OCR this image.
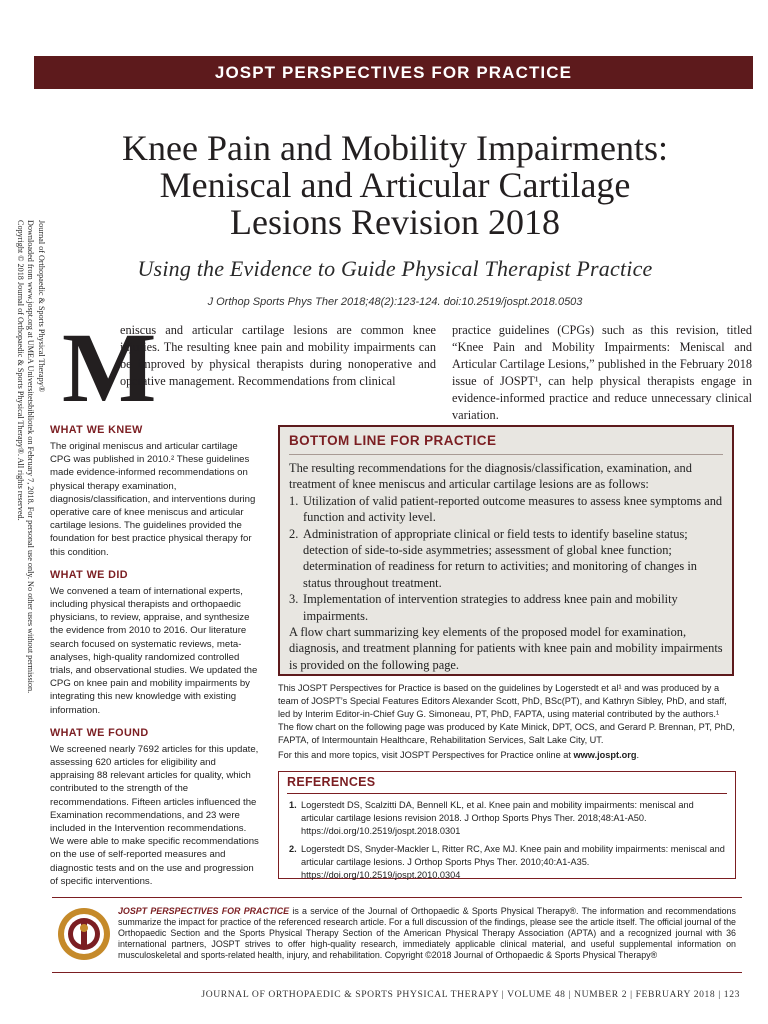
JOSPT PERSPECTIVES FOR PRACTICE
Knee Pain and Mobility Impairments:
Meniscal and Articular Cartilage
Lesions Revision 2018
Using the Evidence to Guide Physical Therapist Practice
J Orthop Sports Phys Ther 2018;48(2):123-124. doi:10.2519/jospt.2018.0503
Journal of Orthopaedic & Sports Physical Therapy®
Downloaded from www.jospt.org at UMEA Universitetsbibliotek on February 7, 2018. For personal use only. No other uses without permission.
Copyright © 2018 Journal of Orthopaedic & Sports Physical Therapy®. All rights reserved. M
eniscus and articular cartilage lesions are common knee injuries. The resulting knee pain and mobility impairments can be improved by physical therapists during nonoperative and operative management. Recommendations from clinical
practice guidelines (CPGs) such as this revision, titled “Knee Pain and Mobility Impairments: Meniscal and Articular Cartilage Lesions,” published in the February 2018 issue of JOSPT¹, can help physical therapists engage in evidence-informed practice and reduce unnecessary clinical variation.
WHAT WE KNEW

The original meniscus and articular cartilage CPG was published in 2010.² These guidelines made evidence-informed recommendations on physical therapy examination, diagnosis/classification, and interventions during operative care of knee meniscus and articular cartilage lesions. The guidelines provided the foundation for best practice physical therapy for this condition.

WHAT WE DID

We convened a team of international experts, including physical therapists and orthopaedic physicians, to review, appraise, and synthesize the evidence from 2010 to 2016. Our literature search focused on systematic reviews, meta-analyses, high-quality randomized controlled trials, and observational studies. We updated the CPG on knee pain and mobility impairments by integrating this new knowledge with existing information.

WHAT WE FOUND

We screened nearly 7692 articles for this update, assessing 620 articles for eligibility and appraising 88 relevant articles for quality, which contributed to the strength of the recommendations. Fifteen articles influenced the Examination recommendations, and 23 were included in the Intervention recommendations. We were able to make specific recommendations on the use of self-reported measures and diagnostic tests and on the use and progression of specific interventions.

BOTTOM LINE FOR PRACTICE
The resulting recommendations for the diagnosis/classification, examination, and treatment of knee meniscus and articular cartilage lesions are as follows:
1. Utilization of valid patient-reported outcome measures to assess knee symptoms and function and activity level.
2. Administration of appropriate clinical or field tests to identify baseline status; detection of side-to-side asymmetries; assessment of global knee function; determination of readiness for return to activities; and monitoring of changes in status throughout treatment.
3. Implementation of intervention strategies to address knee pain and mobility impairments.
A flow chart summarizing key elements of the proposed model for examination, diagnosis, and treatment planning for patients with knee pain and mobility impairments is provided on the following page.
This JOSPT Perspectives for Practice is based on the guidelines by Logerstedt et al¹ and was produced by a team of JOSPT’s Special Features Editors Alexander Scott, PhD, BSc(PT), and Kathryn Sibley, PhD, and staff, led by Interim Editor-in-Chief Guy G. Simoneau, PT, PhD, FAPTA, using material contributed by the authors.¹ The flow chart on the following page was produced by Kate Minick, DPT, OCS, and Gerard P. Brennan, PT, PhD, FAPTA, of Intermountain Healthcare, Rehabilitation Services, Salt Lake City, UT.
For this and more topics, visit JOSPT Perspectives for Practice online at www.jospt.org.
REFERENCES
1. Logerstedt DS, Scalzitti DA, Bennell KL, et al. Knee pain and mobility impairments: meniscal and articular cartilage lesions revision 2018. J Orthop Sports Phys Ther. 2018;48:A1-A50. https://doi.org/10.2519/jospt.2018.0301
2. Logerstedt DS, Snyder-Mackler L, Ritter RC, Axe MJ. Knee pain and mobility impairments: meniscal and articular cartilage lesions. J Orthop Sports Phys Ther. 2010;40:A1-A35. https://doi.org/10.2519/jospt.2010.0304
JOSPT PERSPECTIVES FOR PRACTICE is a service of the Journal of Orthopaedic & Sports Physical Therapy®. The information and recommendations summarize the impact for practice of the referenced research article. For a full discussion of the findings, please see the article itself. The official journal of the Orthopaedic Section and the Sports Physical Therapy Section of the American Physical Therapy Association (APTA) and a recognized journal with 36 international partners, JOSPT strives to offer high-quality research, immediately applicable clinical material, and useful supplemental information on musculoskeletal and sports-related health, injury, and rehabilitation. Copyright ©2018 Journal of Orthopaedic & Sports Physical Therapy®
JOURNAL OF ORTHOPAEDIC & SPORTS PHYSICAL THERAPY | VOLUME 48 | NUMBER 2 | FEBRUARY 2018 | 123
